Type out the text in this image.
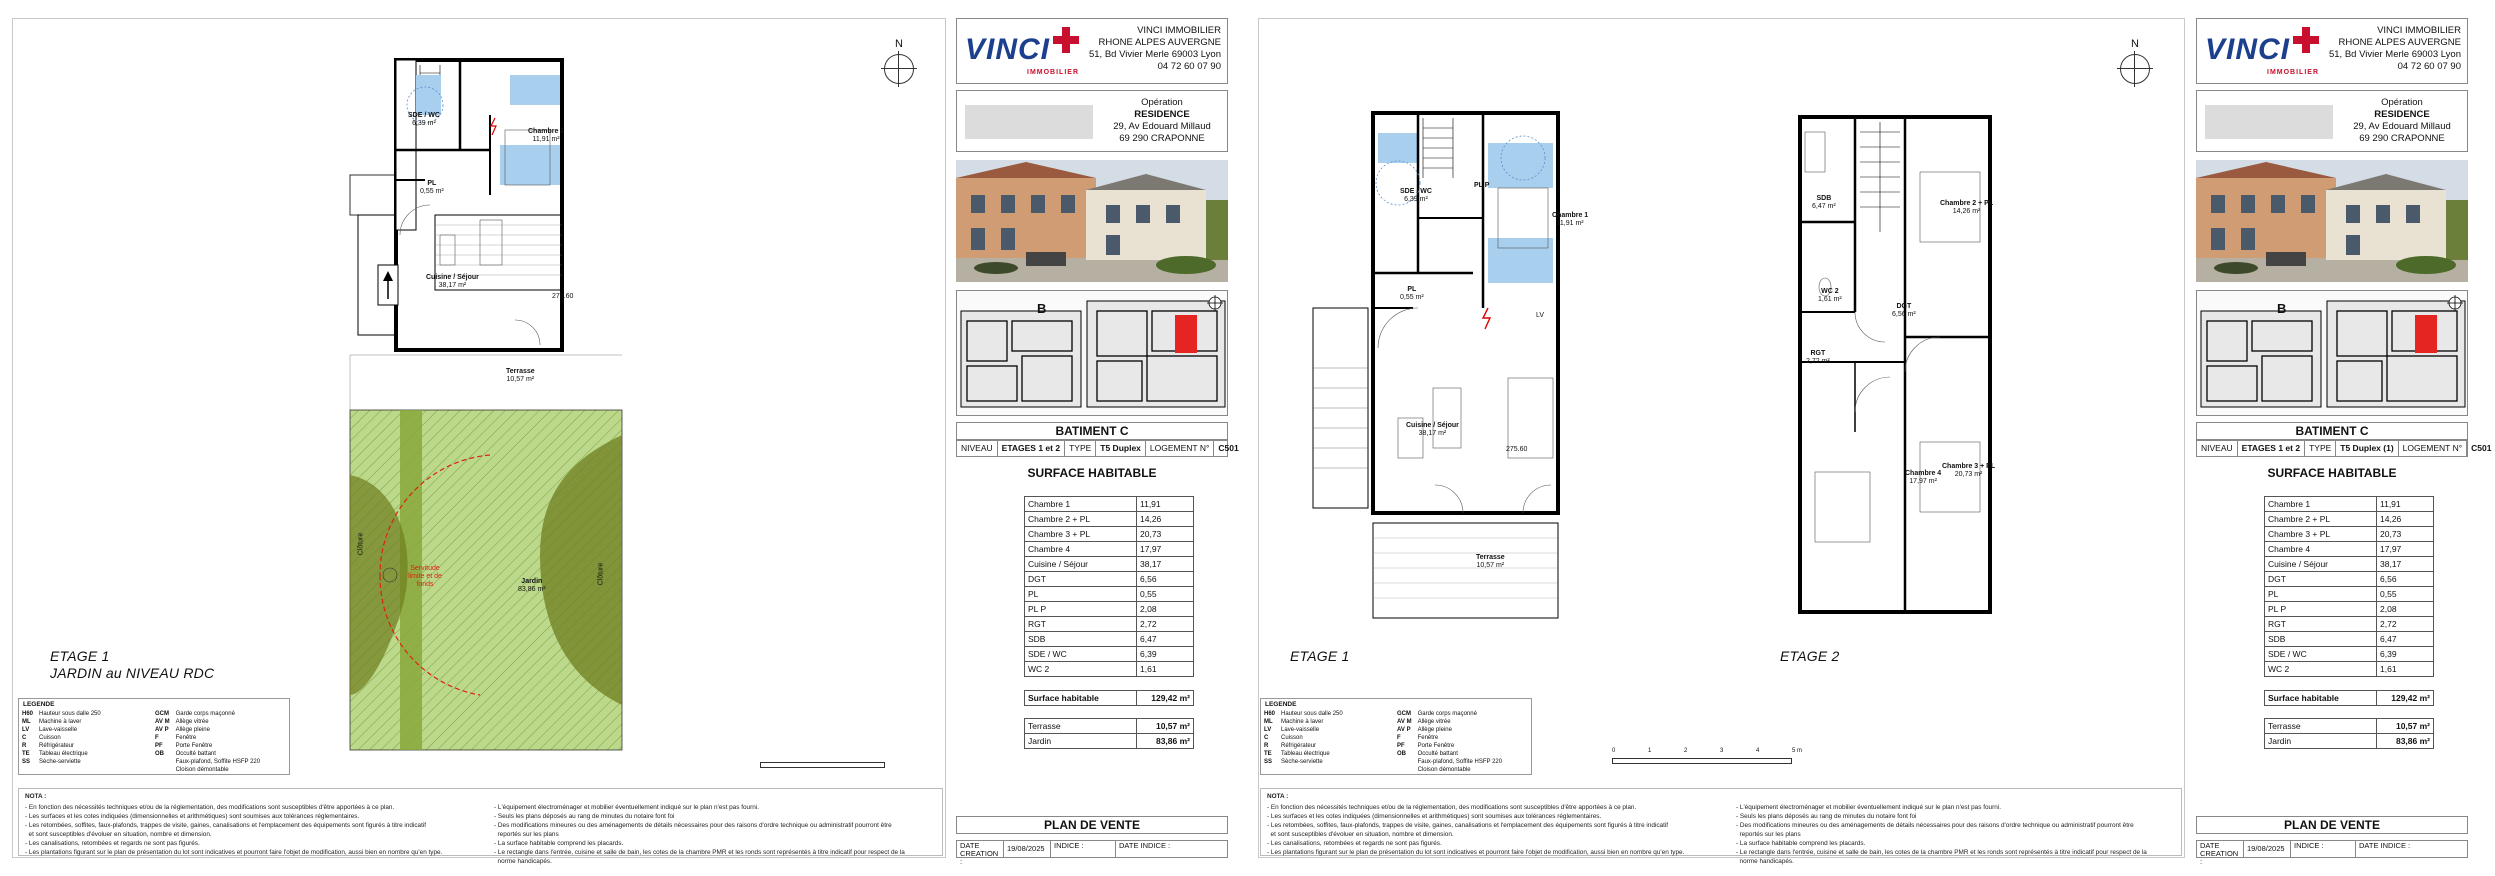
N
SDE / WC
6,39 m²
Chambre 1
11,91 m²
PL
0,55 m²
Cuisine / Séjour
38,17 m²
275.60
Terrasse
10,57 m²
Jardin
83,86 m²
Servitude
limite et de
fonds
Clôture
Clôture
ETAGE 1
JARDIN au NIVEAU RDC
LEGENDE
H60	Hauteur sous dalle 250	GCM	Garde corps maçonné
ML	Machine à laver	AV M	Allège vitrée
LV	Lave-vaisselle	AV P	Allège pleine
C	Cuisson	F	Fenêtre
R	Réfrigérateur	PF	Porte Fenêtre
TE	Tableau électrique	OB	Occulté battant
SS	Sèche-serviette		Faux-plafond, Soffite HSFP 220
			Cloison démontable
NOTA :
- En fonction des nécessités techniques et/ou de la réglementation, des modifications sont susceptibles d'être apportées à ce plan.
- Les surfaces et les cotes indiquées (dimensionnelles et arithmétiques) sont soumises aux tolérances réglementaires.
- Les retombées, soffites, faux-plafonds, trappes de visite, gaines, canalisations et l'emplacement des équipements sont figurés à titre indicatif
et sont susceptibles d'évoluer en situation, nombre et dimension.
- Les canalisations, retombées et regards ne sont pas figurés.
- Les plantations figurant sur le plan de présentation du lot sont indicatives et pourront faire l'objet de modification, aussi bien en nombre qu'en type.
- L'équipement électroménager et mobilier éventuellement indiqué sur le plan n'est pas fourni.
- Seuls les plans déposés au rang de minutes du notaire font foi
- Des modifications mineures ou des aménagements de détails nécessaires pour des raisons d'ordre technique ou administratif pourront être
reportés sur les plans
- La surface habitable comprend les placards.
- Le rectangle dans l'entrée, cuisine et salle de bain, les cotes de la chambre PMR et les ronds sont représentés à titre indicatif pour respect de la
norme handicapés.
VINCI
IMMOBILIER
VINCI IMMOBILIER
RHONE ALPES AUVERGNE
51, Bd Vivier Merle 69003 Lyon
04 72 60 07 90
Opération
RESIDENCE
29, Av Edouard Millaud
69 290 CRAPONNE
B
BATIMENT C
NIVEAU	ETAGES 1 et 2	TYPE	T5 Duplex	LOGEMENT N°	C501
SURFACE HABITABLE
Chambre 1	11,91
Chambre 2 + PL	14,26
Chambre 3 + PL	20,73
Chambre 4	17,97
Cuisine / Séjour	38,17
DGT	6,56
PL	0,55
PL P	2,08
RGT	2,72
SDB	6,47
SDE / WC	6,39
WC 2	1,61
Surface habitable	129,42 m²
Terrasse	10,57 m²
Jardin	83,86 m²
PLAN DE VENTE
DATE CREATION :
19/08/2025	INDICE :	DATE INDICE :
N
SDE / WC
6,39 m²
PL P
Chambre 1
11,91 m²
PL
0,55 m²
LV
Cuisine / Séjour
38,17 m²
275.60
Terrasse
10,57 m²
SDB
6,47 m²	Chambre 2 + PL
14,26 m²
WC 2
1,61 m²
DGT
6,56 m²
RGT
2,72 m²
Chambre 4
17,97 m²
Chambre 3 + PL
20,73 m²
ETAGE 1	ETAGE 2
0	1	2	3	4	5 m
LEGENDE
H60	Hauteur sous dalle 250	GCM	Garde corps maçonné
ML	Machine à laver	AV M	Allège vitrée
LV	Lave-vaisselle	AV P	Allège pleine
C	Cuisson	F	Fenêtre
R	Réfrigérateur	PF	Porte Fenêtre
TE	Tableau électrique	OB	Occulté battant
SS	Sèche-serviette		Faux-plafond, Soffite HSFP 220
			Cloison démontable
NOTA :
- En fonction des nécessités techniques et/ou de la réglementation, des modifications sont susceptibles d'être apportées à ce plan.
- Les surfaces et les cotes indiquées (dimensionnelles et arithmétiques) sont soumises aux tolérances réglementaires.
- Les retombées, soffites, faux-plafonds, trappes de visite, gaines, canalisations et l'emplacement des équipements sont figurés à titre indicatif
et sont susceptibles d'évoluer en situation, nombre et dimension.
- Les canalisations, retombées et regards ne sont pas figurés.
- Les plantations figurant sur le plan de présentation du lot sont indicatives et pourront faire l'objet de modification, aussi bien en nombre qu'en type.
- L'équipement électroménager et mobilier éventuellement indiqué sur le plan n'est pas fourni.
- Seuls les plans déposés au rang de minutes du notaire font foi
- Des modifications mineures ou des aménagements de détails nécessaires pour des raisons d'ordre technique ou administratif pourront être
reportés sur les plans
- La surface habitable comprend les placards.
- Le rectangle dans l'entrée, cuisine et salle de bain, les cotes de la chambre PMR et les ronds sont représentés à titre indicatif pour respect de la
norme handicapés.
VINCI
IMMOBILIER
VINCI IMMOBILIER
RHONE ALPES AUVERGNE
51, Bd Vivier Merle 69003 Lyon
04 72 60 07 90
Opération
RESIDENCE
29, Av Edouard Millaud
69 290 CRAPONNE
B
BATIMENT C
NIVEAU	ETAGES 1 et 2	TYPE	T5 Duplex (1)	LOGEMENT N°	C501
SURFACE HABITABLE
Chambre 1	11,91
Chambre 2 + PL	14,26
Chambre 3 + PL	20,73
Chambre 4	17,97
Cuisine / Séjour	38,17
DGT	6,56
PL	0,55
PL P	2,08
RGT	2,72
SDB	6,47
SDE / WC	6,39
WC 2	1,61
Surface habitable	129,42 m²
Terrasse	10,57 m²
Jardin	83,86 m²
PLAN DE VENTE
DATE CREATION :
19/08/2025	INDICE :	DATE INDICE :
